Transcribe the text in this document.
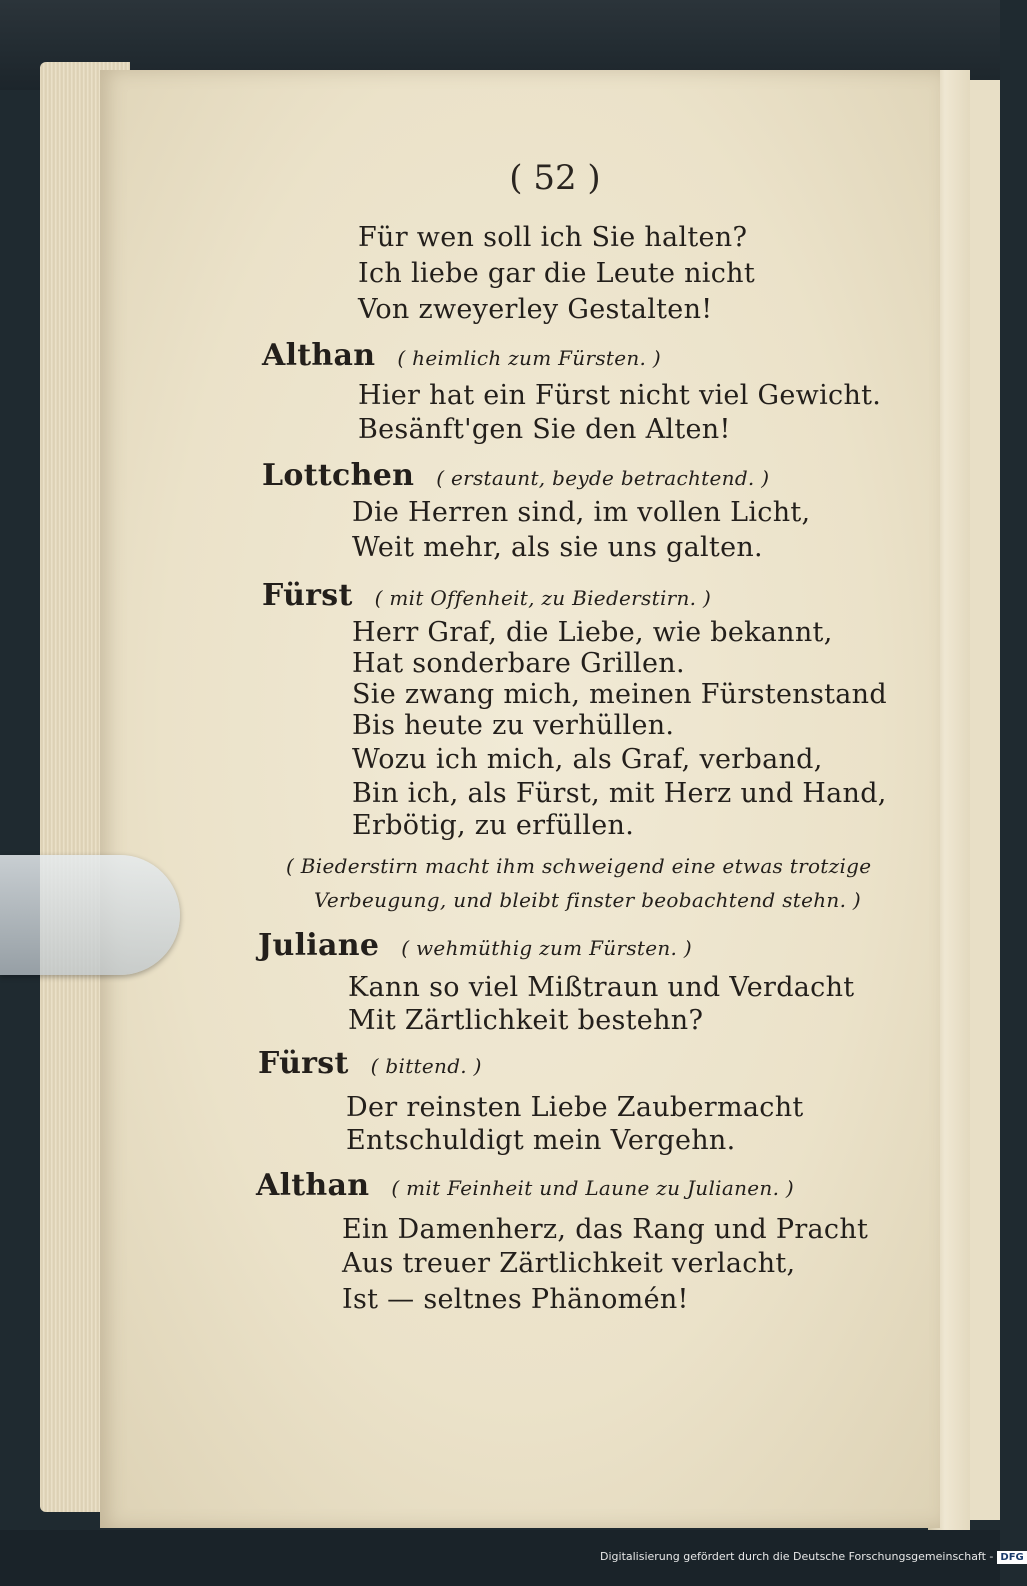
( 52 )
Für wen soll ich Sie halten?
Ich liebe gar die Leute nicht
Von zweyerley Gestalten!
Althan ( heimlich zum Fürsten. )
Hier hat ein Fürst nicht viel Gewicht.
Besänft'gen Sie den Alten!
Lottchen ( erstaunt, beyde betrachtend. )
Die Herren sind, im vollen Licht,
Weit mehr, als sie uns galten.
Fürst ( mit Offenheit, zu Biederstirn. )
Herr Graf, die Liebe, wie bekannt,
Hat sonderbare Grillen.
Sie zwang mich, meinen Fürstenstand
Bis heute zu verhüllen.
Wozu ich mich, als Graf, verband,
Bin ich, als Fürst, mit Herz und Hand,
Erbötig, zu erfüllen.
( Biederstirn macht ihm schweigend eine etwas trotzige
Verbeugung, und bleibt finster beobachtend stehn. )
Juliane ( wehmüthig zum Fürsten. )
Kann so viel Mißtraun und Verdacht
Mit Zärtlichkeit bestehn?
Fürst ( bittend. )
Der reinsten Liebe Zaubermacht
Entschuldigt mein Vergehn.
Althan ( mit Feinheit und Laune zu Julianen. )
Ein Damenherz, das Rang und Pracht
Aus treuer Zärtlichkeit verlacht,
Ist — seltnes Phänomén!
Digitalisierung gefördert durch die Deutsche Forschungsgemeinschaft - DFG
